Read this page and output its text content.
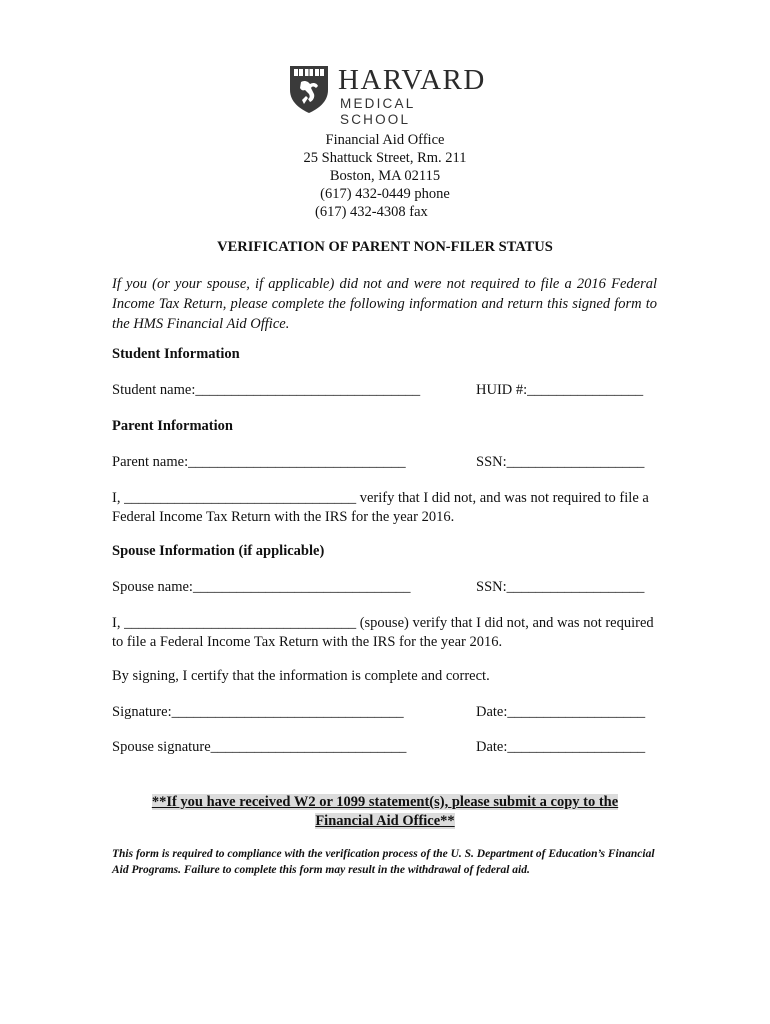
HARVARD
MEDICAL SCHOOL
Financial Aid Office
25 Shattuck Street, Rm. 211
Boston, MA 02115
(617) 432-0449 phone
(617) 432-4308 fax
VERIFICATION OF PARENT NON-FILER STATUS
If you (or your spouse, if applicable) did not and were not required to file a 2016 Federal Income Tax Return, please complete the following information and return this signed form to the HMS Financial Aid Office.
Student Information
Student name:_______________________________	HUID #:________________
Parent Information
Parent name:______________________________	SSN:___________________
I, ________________________________ verify that I did not, and was not required to file a Federal Income Tax Return with the IRS for the year 2016.
Spouse Information (if applicable)
Spouse name:______________________________	SSN:___________________
I, ________________________________ (spouse) verify that I did not, and was not required to file a Federal Income Tax Return with the IRS for the year 2016.
By signing, I certify that the information is complete and correct.
Signature:________________________________	Date:___________________
Spouse signature___________________________	Date:___________________
**If you have received W2 or 1099 statement(s), please submit a copy to the
Financial Aid Office**
This form is required to compliance with the verification process of the U. S. Department of Education’s Financial Aid Programs. Failure to complete this form may result in the withdrawal of federal aid.
